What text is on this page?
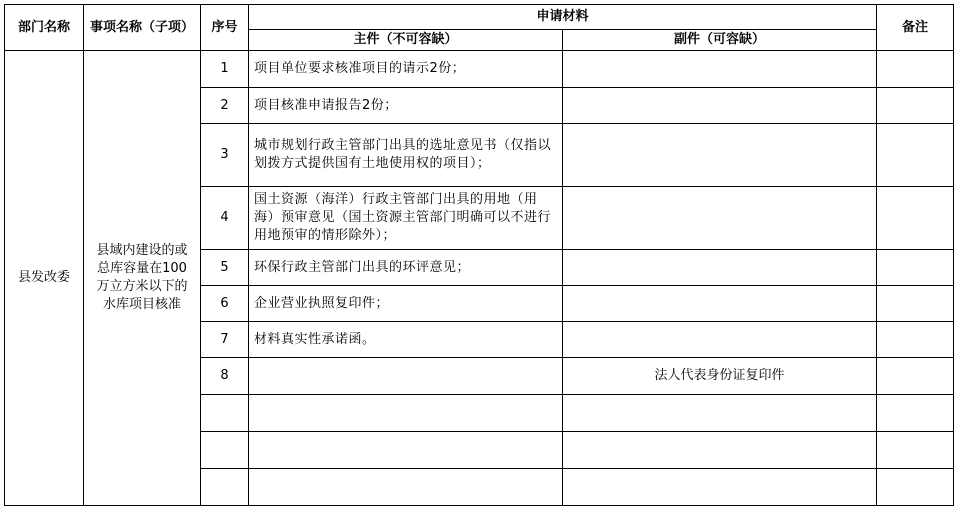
部门名称	事项名称（子项）	序号	申请材料		备注
			主件（不可容缺）	副件（可容缺）	
县发改委	县域内建设的或总库容量在100万立方米以下的水库项目核准	1	项目单位要求核准项目的请示2份；		
		2	项目核准申请报告2份；		
		3	城市规划行政主管部门出具的选址意见书（仅指以划拨方式提供国有土地使用权的项目）；		
		4	国土资源（海洋）行政主管部门出具的用地（用海）预审意见（国土资源主管部门明确可以不进行用地预审的情形除外）；		
		5	环保行政主管部门出具的环评意见；		
		6	企业营业执照复印件；		
		7	材料真实性承诺函。		
		8		法人代表身份证复印件	
